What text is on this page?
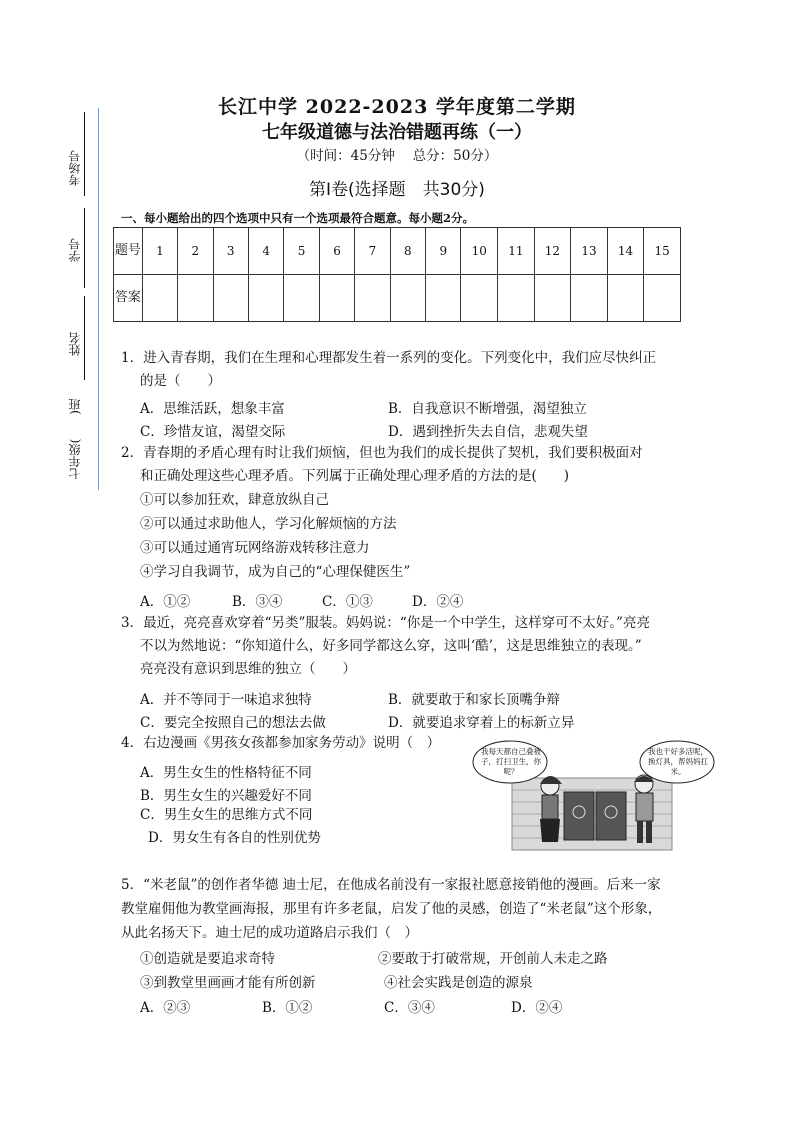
考场号
学号
姓名
七年级(　　)班
长江中学 2022-2023 学年度第二学期
七年级道德与法治错题再练（一）
（时间：45分钟　 总分：50分）
第Ⅰ卷(选择题　共30分)
一、每小题给出的四个选项中只有一个选项最符合题意。每小题2分。
题号	1	2	3	4	5	6	7	8	9	10	11	12	13	14	15
答案															
1．进入青春期，我们在生理和心理都发生着一系列的变化。下列变化中，我们应尽快纠正
的是（　　）
A．思维活跃，想象丰富	B．自我意识不断增强，渴望独立
C．珍惜友谊，渴望交际	D．遇到挫折失去自信，悲观失望
2．青春期的矛盾心理有时让我们烦恼，但也为我们的成长提供了契机，我们要积极面对
和正确处理这些心理矛盾。下列属于正确处理心理矛盾的方法的是(　　)
①可以参加狂欢，肆意放纵自己
②可以通过求助他人，学习化解烦恼的方法
③可以通过通宵玩网络游戏转移注意力
④学习自我调节，成为自己的“心理保健医生”
A．①②	B．③④	C．①③	D．②④
3．最近，亮亮喜欢穿着“另类”服装。妈妈说：“你是一个中学生，这样穿可不太好。”亮亮
不以为然地说：“你知道什么，好多同学都这么穿，这叫‘酷’，这是思维独立的表现。”
亮亮没有意识到思维的独立（　　）
A．并不等同于一味追求独特	B．就要敢于和家长顶嘴争辩
C．要完全按照自己的想法去做	D．就要追求穿着上的标新立异
4．右边漫画《男孩女孩都参加家务劳动》说明（　）
A．男生女生的性格特征不同
B．男生女生的兴趣爱好不同
C．男生女生的思维方式不同
D．男女生有各自的性别优势
我每天都自己叠被子，打扫卫生，你呢？
我也干好多活呢，换灯具，帮妈妈扛米。
5．“米老鼠”的创作者华德 迪士尼，在他成名前没有一家报社愿意接销他的漫画。后来一家
教堂雇佣他为教堂画海报，那里有许多老鼠，启发了他的灵感，创造了“米老鼠”这个形象，
从此名扬天下。迪士尼的成功道路启示我们（　）
①创造就是要追求奇特	②要敢于打破常规，开创前人未走之路
③到教堂里画画才能有所创新	④社会实践是创造的源泉
A．②③	B．①②	C．③④	D．②④
